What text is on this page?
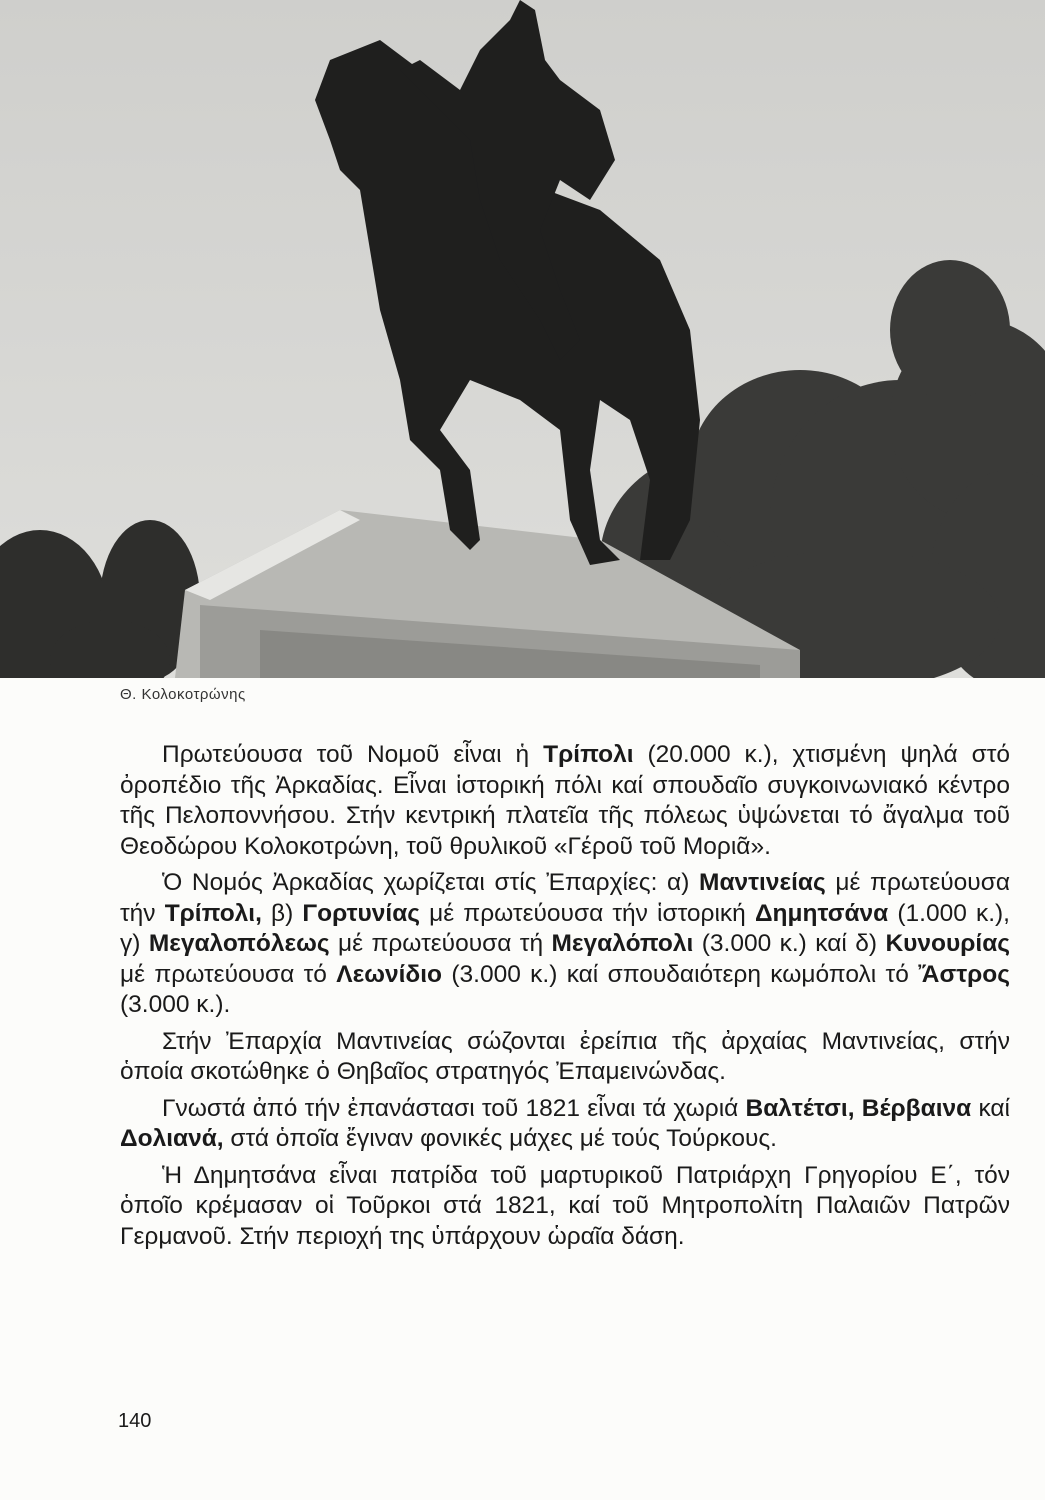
Θ. Κολοκοτρώνης

Πρωτεύουσα τοῦ Νομοῦ εἶναι ἡ Τρίπολι (20.000 κ.), χτισμένη ψηλά στό ὀροπέδιο τῆς Ἀρκαδίας. Εἶναι ἱστορική πόλι καί σπουδαῖο συγκοινωνιακό κέντρο τῆς Πελοποννήσου. Στήν κεντρική πλατεῖα τῆς πόλεως ὑψώνεται τό ἄγαλμα τοῦ Θεοδώρου Κολοκοτρώνη, τοῦ θρυλικοῦ «Γέροῦ τοῦ Μοριᾶ».

Ὁ Νομός Ἀρκαδίας χωρίζεται στίς Ἐπαρχίες: α) Μαντινείας μέ πρωτεύουσα τήν Τρίπολι, β) Γορτυνίας μέ πρωτεύουσα τήν ἱστορική Δημητσάνα (1.000 κ.), γ) Μεγαλοπόλεως μέ πρωτεύουσα τή Μεγαλόπολι (3.000 κ.) καί δ) Κυνουρίας μέ πρωτεύουσα τό Λεωνίδιο (3.000 κ.) καί σπουδαιότερη κωμόπολι τό Ἄστρος (3.000 κ.).

Στήν Ἐπαρχία Μαντινείας σώζονται ἐρείπια τῆς ἀρχαίας Μαντινείας, στήν ὁποία σκοτώθηκε ὁ Θηβαῖος στρατηγός Ἐπαμεινώνδας.

Γνωστά ἀπό τήν ἐπανάστασι τοῦ 1821 εἶναι τά χωριά Βαλτέτσι, Βέρβαινα καί Δολιανά, στά ὁποῖα ἔγιναν φονικές μάχες μέ τούς Τούρκους.

Ἡ Δημητσάνα εἶναι πατρίδα τοῦ μαρτυρικοῦ Πατριάρχη Γρηγορίου Ε΄, τόν ὁποῖο κρέμασαν οἱ Τοῦρκοι στά 1821, καί τοῦ Μητροπολίτη Παλαιῶν Πατρῶν Γερμανοῦ. Στήν περιοχή της ὑπάρχουν ὡραῖα δάση.

140
